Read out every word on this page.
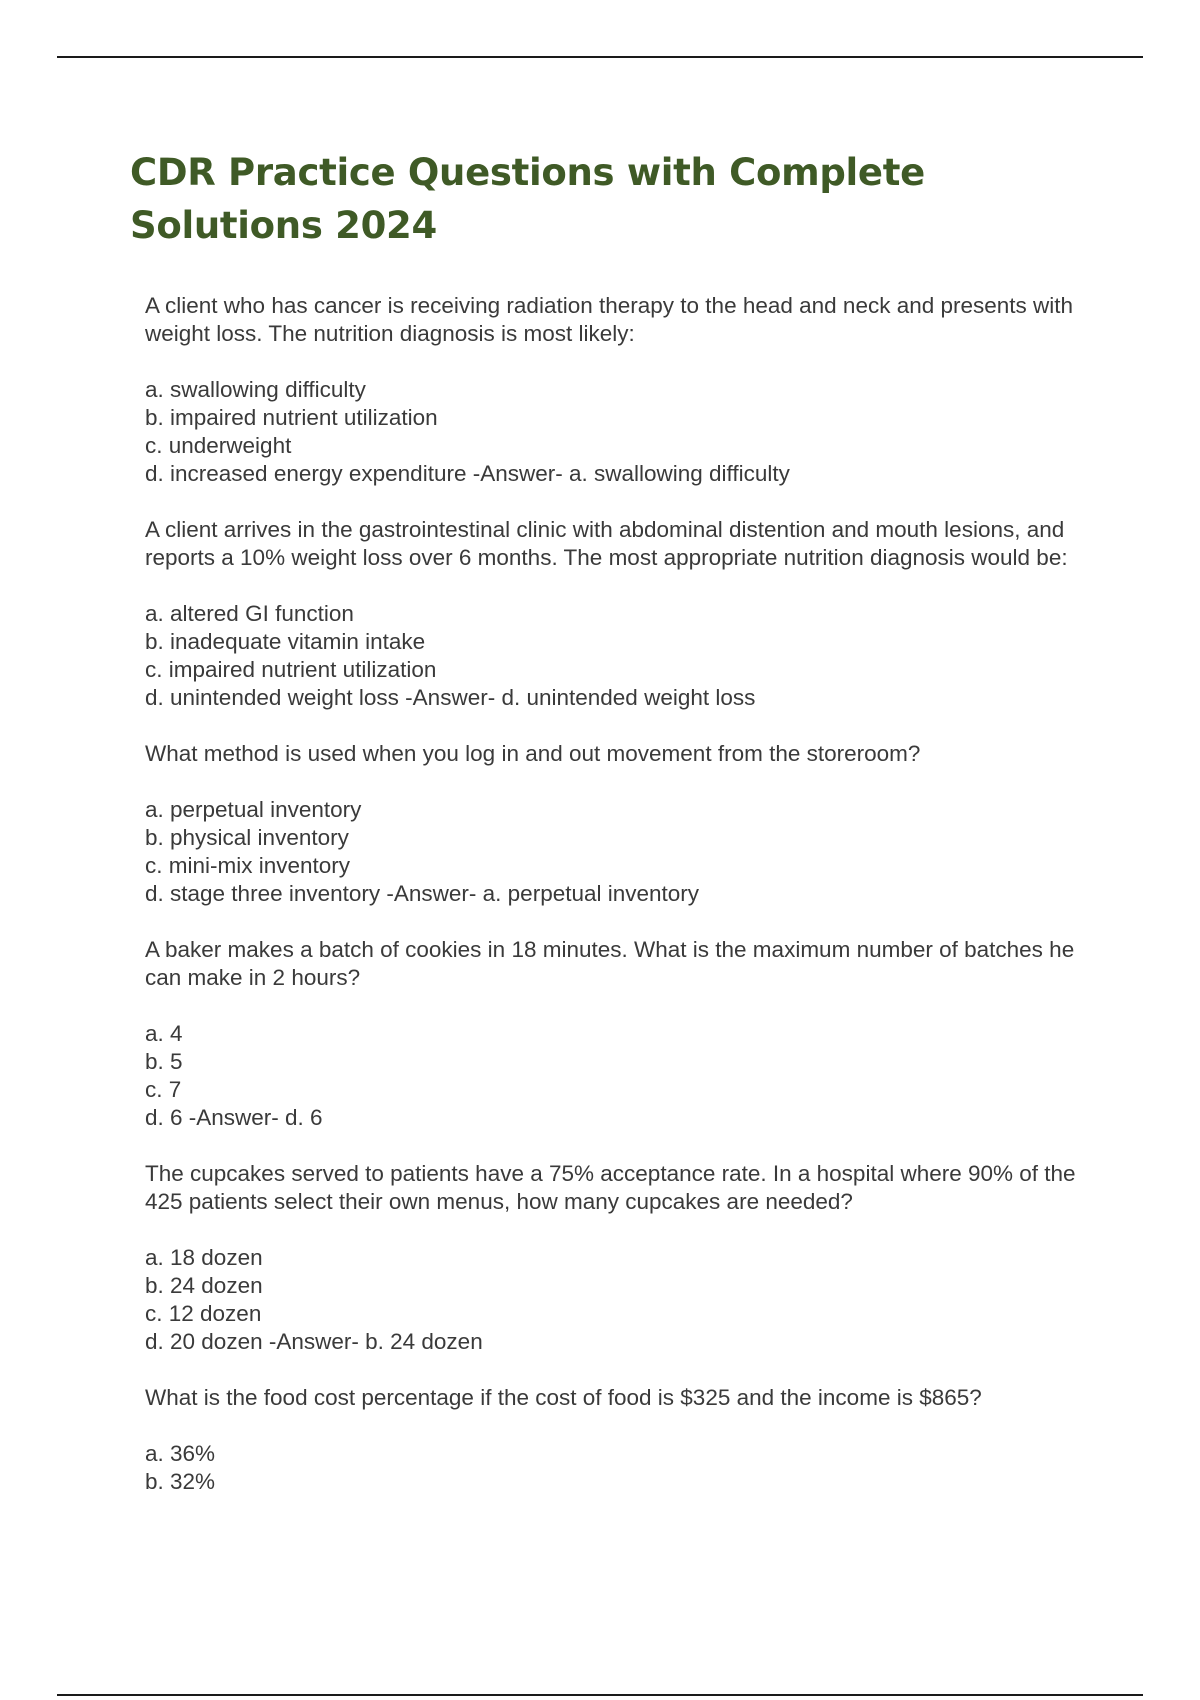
CDR Practice Questions with Complete Solutions 2024

A client who has cancer is receiving radiation therapy to the head and neck and presents with weight loss. The nutrition diagnosis is most likely:

a. swallowing difficulty
b. impaired nutrient utilization
c. underweight
d. increased energy expenditure -Answer- a. swallowing difficulty

A client arrives in the gastrointestinal clinic with abdominal distention and mouth lesions, and reports a 10% weight loss over 6 months. The most appropriate nutrition diagnosis would be:

a. altered GI function
b. inadequate vitamin intake
c. impaired nutrient utilization
d. unintended weight loss -Answer- d. unintended weight loss

What method is used when you log in and out movement from the storeroom?

a. perpetual inventory
b. physical inventory
c. mini-mix inventory
d. stage three inventory -Answer- a. perpetual inventory

A baker makes a batch of cookies in 18 minutes. What is the maximum number of batches he can make in 2 hours?

a. 4
b. 5
c. 7
d. 6 -Answer- d. 6

The cupcakes served to patients have a 75% acceptance rate. In a hospital where 90% of the 425 patients select their own menus, how many cupcakes are needed?

a. 18 dozen
b. 24 dozen
c. 12 dozen
d. 20 dozen -Answer- b. 24 dozen

What is the food cost percentage if the cost of food is $325 and the income is $865?

a. 36%
b. 32%
